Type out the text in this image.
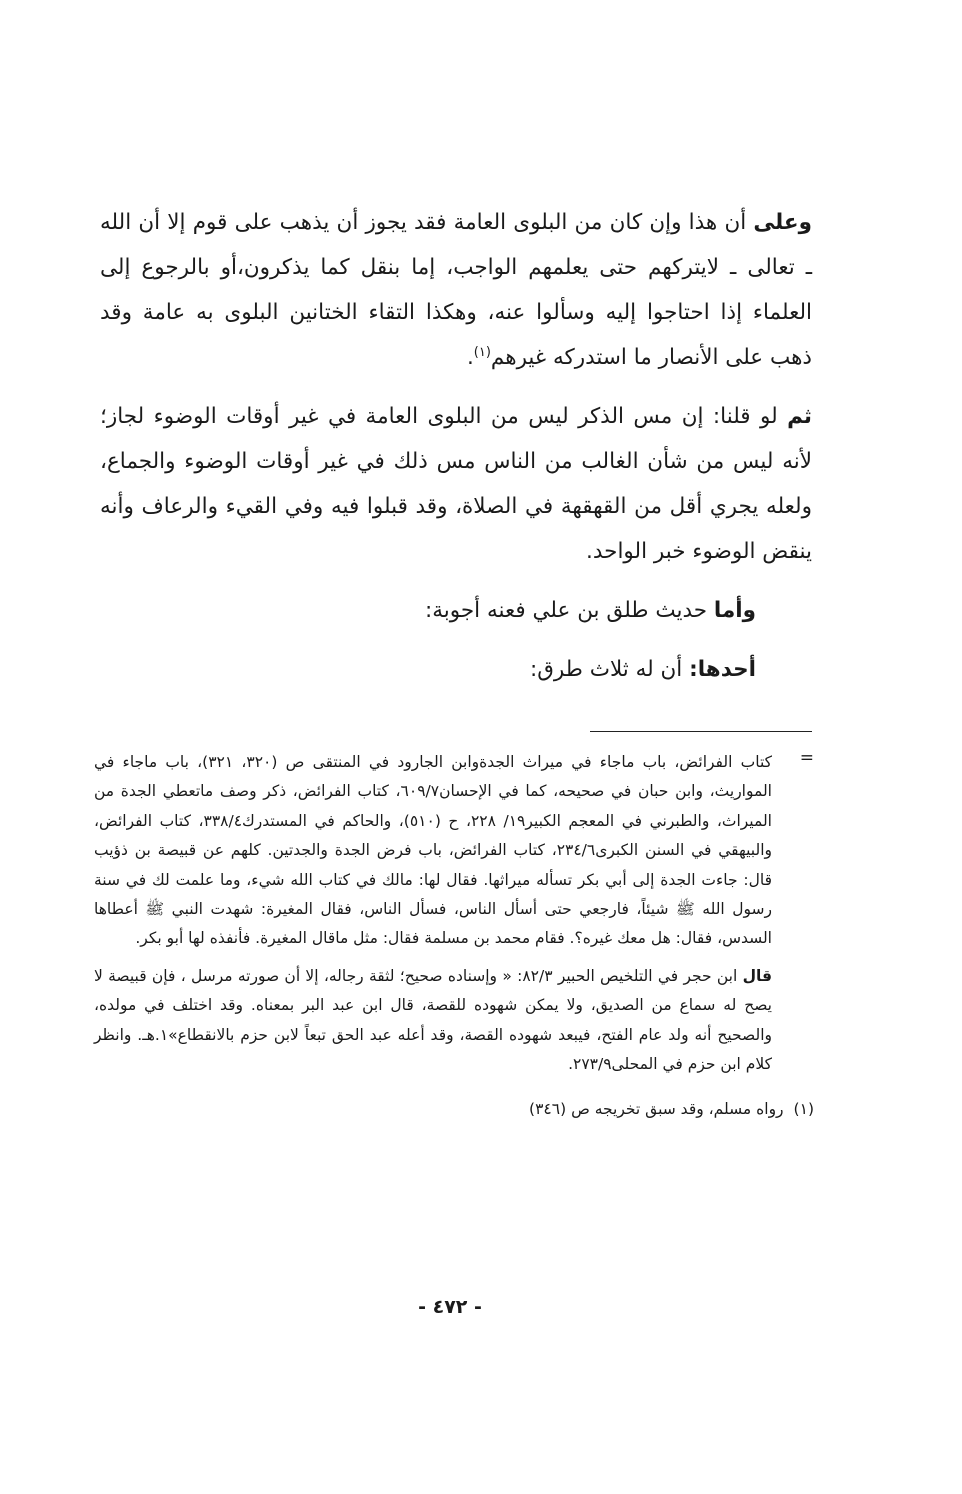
وعلى أن هذا وإن كان من البلوى العامة فقد يجوز أن يذهب على قوم إلا أن الله ـ تعالى ـ لايتركهم حتى يعلمهم الواجب، إما بنقل كما يذكرون،أو بالرجوع إلى العلماء إذا احتاجوا إليه وسألوا عنه، وهكذا التقاء الختانين البلوى به عامة وقد ذهب على الأنصار ما استدركه غيرهم$^{(١)}$.

ثم لو قلنا: إن مس الذكر ليس من البلوى العامة في غير أوقات الوضوء لجاز؛ لأنه ليس من شأن الغالب من الناس مس ذلك في غير أوقات الوضوء والجماع، ولعله يجري أقل من القهقهة في الصلاة، وقد قبلوا فيه وفي القيء والرعاف وأنه ينقض الوضوء خبر الواحد.

وأما حديث طلق بن علي فعنه أجوبة:

أحدها: أن له ثلاث طرق:

=

كتاب الفرائض، باب ماجاء في ميراث الجدةوابن الجارود في المنتقى ص (٣٢٠، ٣٢١)، باب ماجاء في المواريث، وابن حبان في صحيحه، كما في الإحسان٦٠٩/٧، كتاب الفرائض، ذكر وصف ماتعطي الجدة من الميراث، والطبرني في المعجم الكبير١٩/ ٢٢٨، ح (٥١٠)، والحاكم في المستدرك٣٣٨/٤، كتاب الفرائض، والبيهقي في السنن الكبرى٢٣٤/٦، كتاب الفرائض، باب فرض الجدة والجدتين. كلهم عن قبيصة بن ذؤيب قال: جاءت الجدة إلى أبي بكر تسأله ميراثها. فقال لها: مالك في كتاب الله شيء، وما علمت لك في سنة رسول الله ﷺ شيئاً، فارجعي حتى أسأل الناس، فسأل الناس، فقال المغيرة: شهدت النبي ﷺ أعطاها السدس، فقال: هل معك غيره؟. فقام محمد بن مسلمة فقال: مثل ماقال المغيرة. فأنفذه لها أبو بكر.

قال ابن حجر في التلخيص الحبير ٨٢/٣: « وإسناده صحيح؛ لثقة رجاله، إلا أن صورته مرسل ، فإن قبيصة لا يصح له سماع من الصديق، ولا يمكن شهوده للقصة، قال ابن عبد البر بمعناه. وقد اختلف في مولده، والصحيح أنه ولد عام الفتح، فيبعد شهوده القصة، وقد أعله عبد الحق تبعاً لابن حزم بالانقطاع»١.هـ. وانظر كلام ابن حزم في المحلى٢٧٣/٩.

(١)رواه مسلم، وقد سبق تخريجه ص (٣٤٦)

- ٤٧٢ -
